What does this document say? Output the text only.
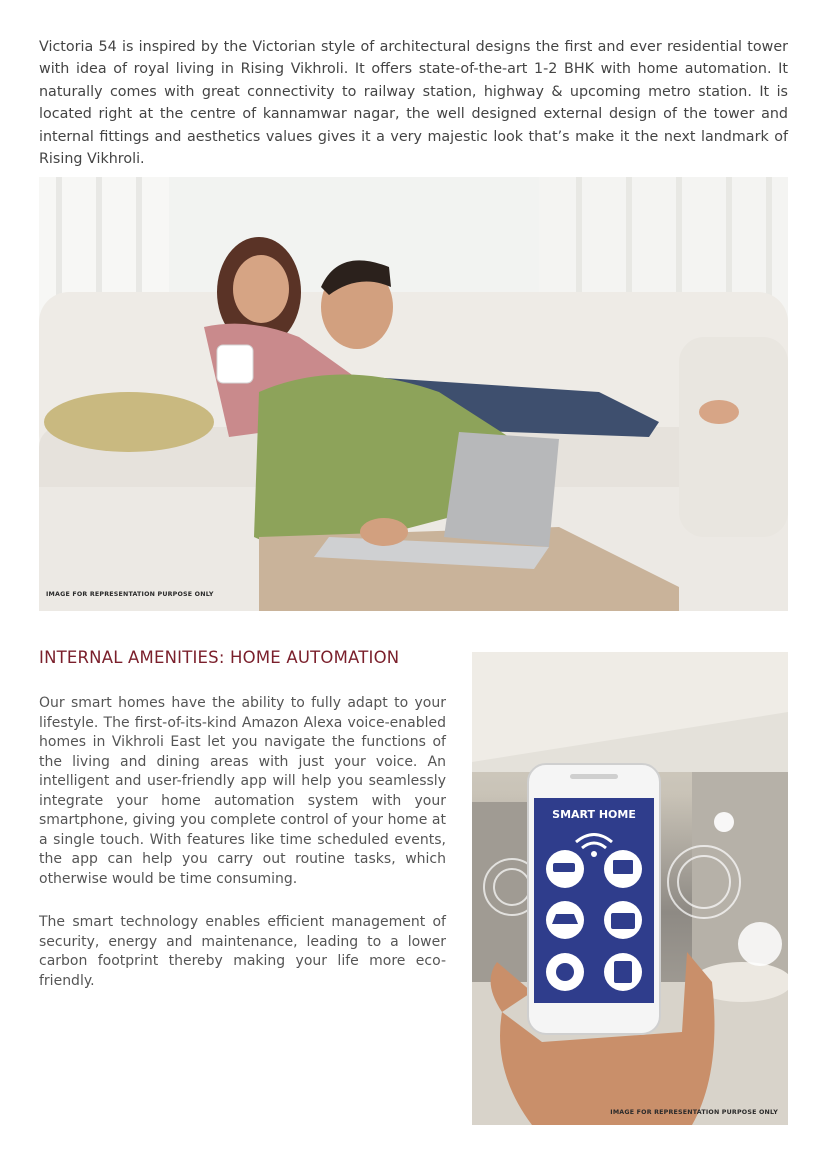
Victoria 54 is inspired by the Victorian style of architectural designs the first and ever residential tower with idea of royal living in Rising Vikhroli. It offers state-of-the-art 1-2 BHK with home automation. It naturally comes with great connectivity to railway station, highway & upcoming metro station. It is located right at the centre of kannamwar nagar, the well designed external design of the tower and internal fittings and aesthetics values gives it a very majestic look that’s make it the next landmark of Rising Vikhroli.

IMAGE FOR REPRESENTATION PURPOSE ONLY
INTERNAL AMENITIES: HOME AUTOMATION

Our smart homes have the ability to fully adapt to your lifestyle. The first-of-its-kind Amazon Alexa voice-enabled homes in Vikhroli East let you navigate the functions of the living and dining areas with just your voice. An intelligent and user-friendly app will help you seamlessly integrate your home automation system with your smartphone, giving you complete control of your home at a single touch. With features like time scheduled events, the app can help you carry out routine tasks, which otherwise would be time consuming.

The smart technology enables efficient management of security, energy and maintenance, leading to a lower carbon footprint thereby making your life more eco-friendly.

SMART HOME
IMAGE FOR REPRESENTATION PURPOSE ONLY
